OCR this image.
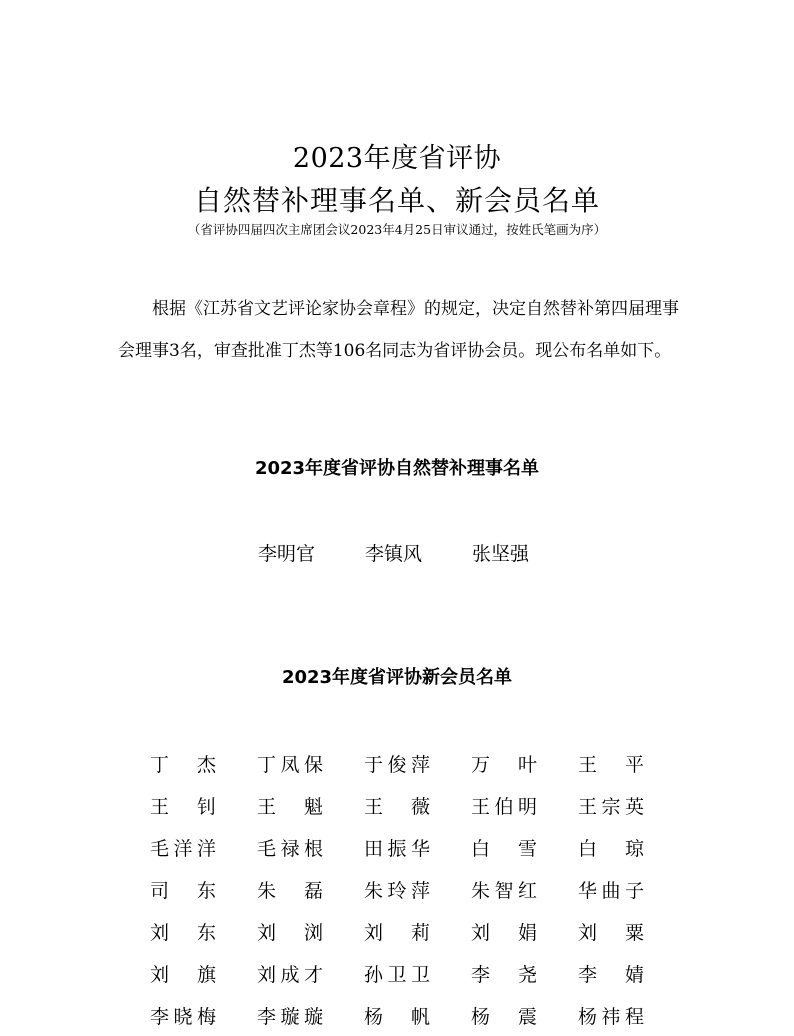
2023年度省评协
自然替补理事名单、新会员名单
（省评协四届四次主席团会议2023年4月25日审议通过，按姓氏笔画为序）

根据《江苏省文艺评论家协会章程》的规定，决定自然替补第四届理事会理事3名，审查批准丁杰等106名同志为省评协会员。现公布名单如下。

2023年度省评协自然替补理事名单
李明官	李镇风	张坚强
2023年度省评协新会员名单
丁杰	丁凤保	于俊萍	万叶	王平
王钊	王魁	王薇	王伯明	王宗英
毛洋洋	毛禄根	田振华	白雪	白琼
司东	朱磊	朱玲萍	朱智红	华曲子
刘东	刘浏	刘莉	刘娟	刘粟
刘旗	刘成才	孙卫卫	李尧	李婧
李晓梅	李璇璇	杨帆	杨震	杨祎程
